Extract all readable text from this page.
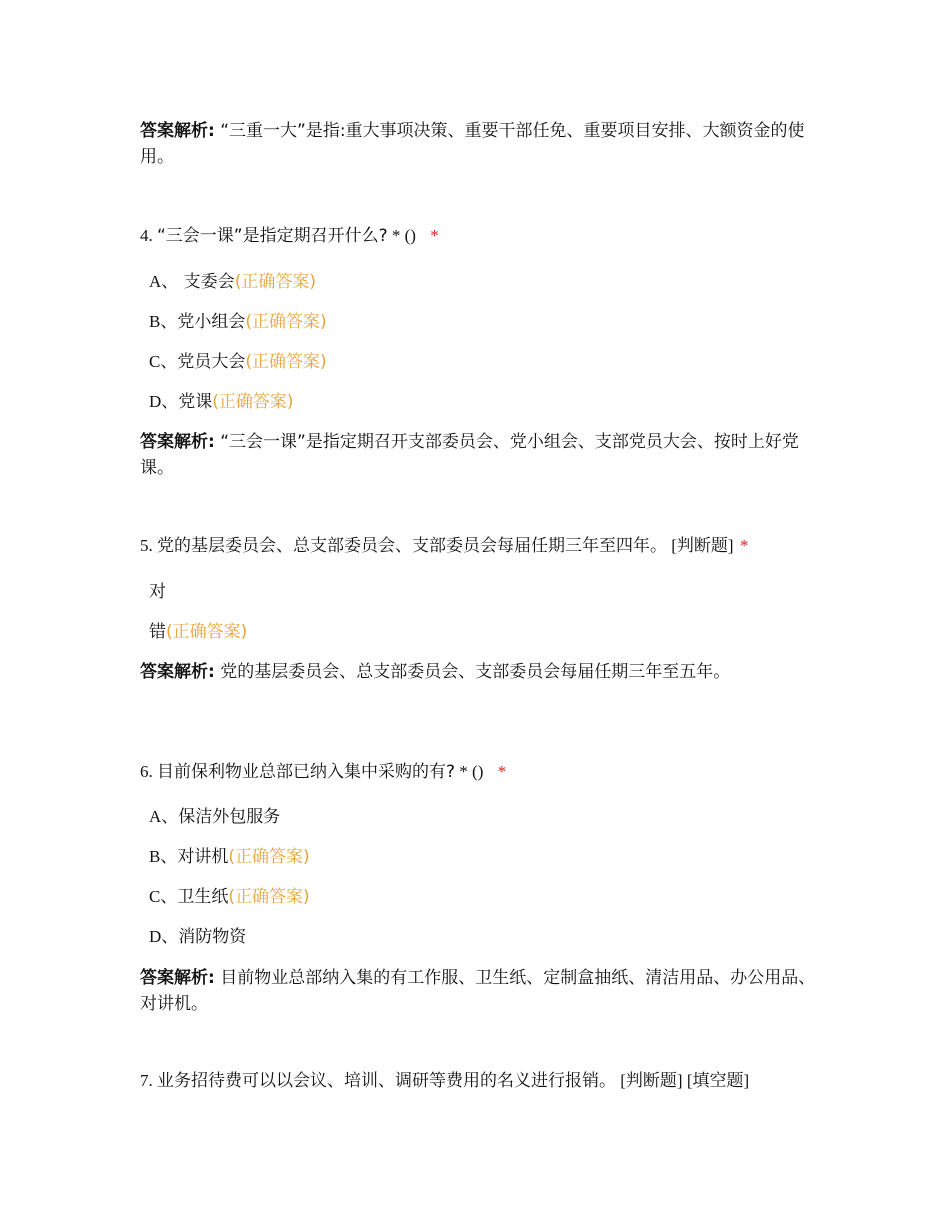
答案解析: “三重一大”是指:重大事项决策、重要干部任免、重要项目安排、大额资金的使用。
4. “三会一课”是指定期召开什么? * () *
A、 支委会(正确答案)
B、党小组会(正确答案)
C、党员大会(正确答案)
D、党课(正确答案)
答案解析: “三会一课”是指定期召开支部委员会、党小组会、支部党员大会、按时上好党课。
5. 党的基层委员会、总支部委员会、支部委员会每届任期三年至四年。 [判断题] *
对
错(正确答案)
答案解析: 党的基层委员会、总支部委员会、支部委员会每届任期三年至五年。
6. 目前保利物业总部已纳入集中采购的有? * () *
A、保洁外包服务
B、对讲机(正确答案)
C、卫生纸(正确答案)
D、消防物资
答案解析: 目前物业总部纳入集的有工作服、卫生纸、定制盒抽纸、清洁用品、办公用品、对讲机。
7. 业务招待费可以以会议、培训、调研等费用的名义进行报销。 [判断题] [填空题]
